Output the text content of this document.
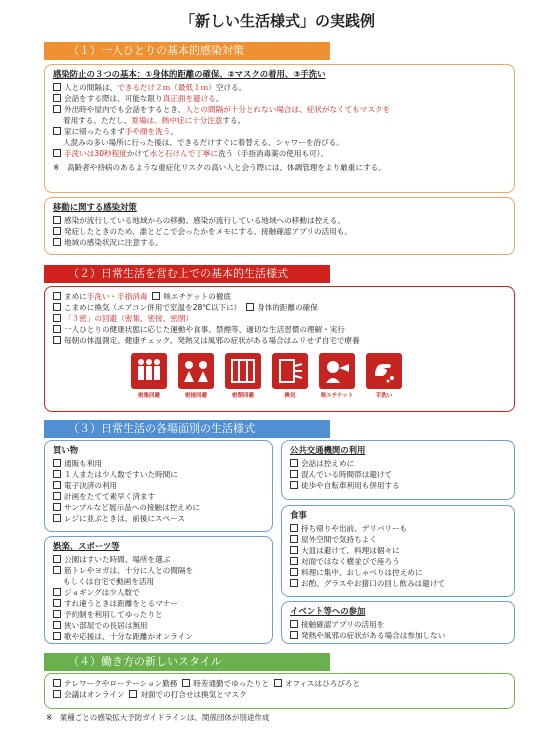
「新しい生活様式」の実践例
（１）一人ひとりの基本的感染対策
感染防止の３つの基本：①身体的距離の確保、②マスクの着用、③手洗い
人との間隔は、できるだけ２ｍ（最低１ｍ）空ける。
会話をする際は、可能な限り真正面を避ける。
外出時や屋内でも会話をするとき、人との間隔が十分とれない場合は、症状がなくてもマスクを
着用する。ただし、夏場は、熱中症に十分注意する。
家に帰ったらまず手や顔を洗う。
人混みの多い場所に行った後は、できるだけすぐに着替える、シャワーを浴びる。
手洗いは30秒程度かけて水と石けんで丁寧に洗う（手指消毒薬の使用も可）。
※　高齢者や持病のあるような重症化リスクの高い人と会う際には、体調管理をより厳重にする。
移動に関する感染対策
感染が流行している地域からの移動、感染が流行している地域への移動は控える。
発症したときのため、誰とどこで会ったかをメモにする。接触確認アプリの活用も。
地域の感染状況に注意する。
（２）日常生活を営む上での基本的生活様式
まめに手洗い・手指消毒 咳エチケットの徹底
こまめに換気（エアコン併用で室温を28℃以下に） 身体的距離の確保
「３密」の回避（密集、密接、密閉）
一人ひとりの健康状態に応じた運動や食事、禁煙等、適切な生活習慣の理解・実行
毎朝の体温測定、健康チェック。発熱又は風邪の症状がある場合はムリせず自宅で療養
密集回避	密接回避	密閉回避	換気	咳エチケット	手洗い
（３）日常生活の各場面別の生活様式
買い物
通販も利用
１人または少人数ですいた時間に
電子決済の利用
計画をたてて素早く済ます
サンプルなど展示品への接触は控えめに
レジに並ぶときは、前後にスペース
娯楽、スポーツ等
公園はすいた時間、場所を選ぶ
筋トレやヨガは、十分に人との間隔を
もしくは自宅で動画を活用
ジョギングは少人数で
すれ違うときは距離をとるマナー
予約制を利用してゆったりと
狭い部屋での長居は無用
歌や応援は、十分な距離かオンライン
公共交通機関の利用
会話は控えめに
混んでいる時間帯は避けて
徒歩や自転車利用も併用する
食事
持ち帰りや出前、デリバリーも
屋外空間で気持ちよく
大皿は避けて、料理は個々に
対面ではなく横並びで座ろう
料理に集中、おしゃべりは控えめに
お酌、グラスやお猪口の回し飲みは避けて
イベント等への参加
接触確認アプリの活用を
発熱や風邪の症状がある場合は参加しない
（４）働き方の新しいスタイル
テレワークやローテーション勤務 時差通勤でゆったりと オフィスはひろびろと
会議はオンライン 対面での打合せは換気とマスク
※　業種ごとの感染拡大予防ガイドラインは、関係団体が別途作成
